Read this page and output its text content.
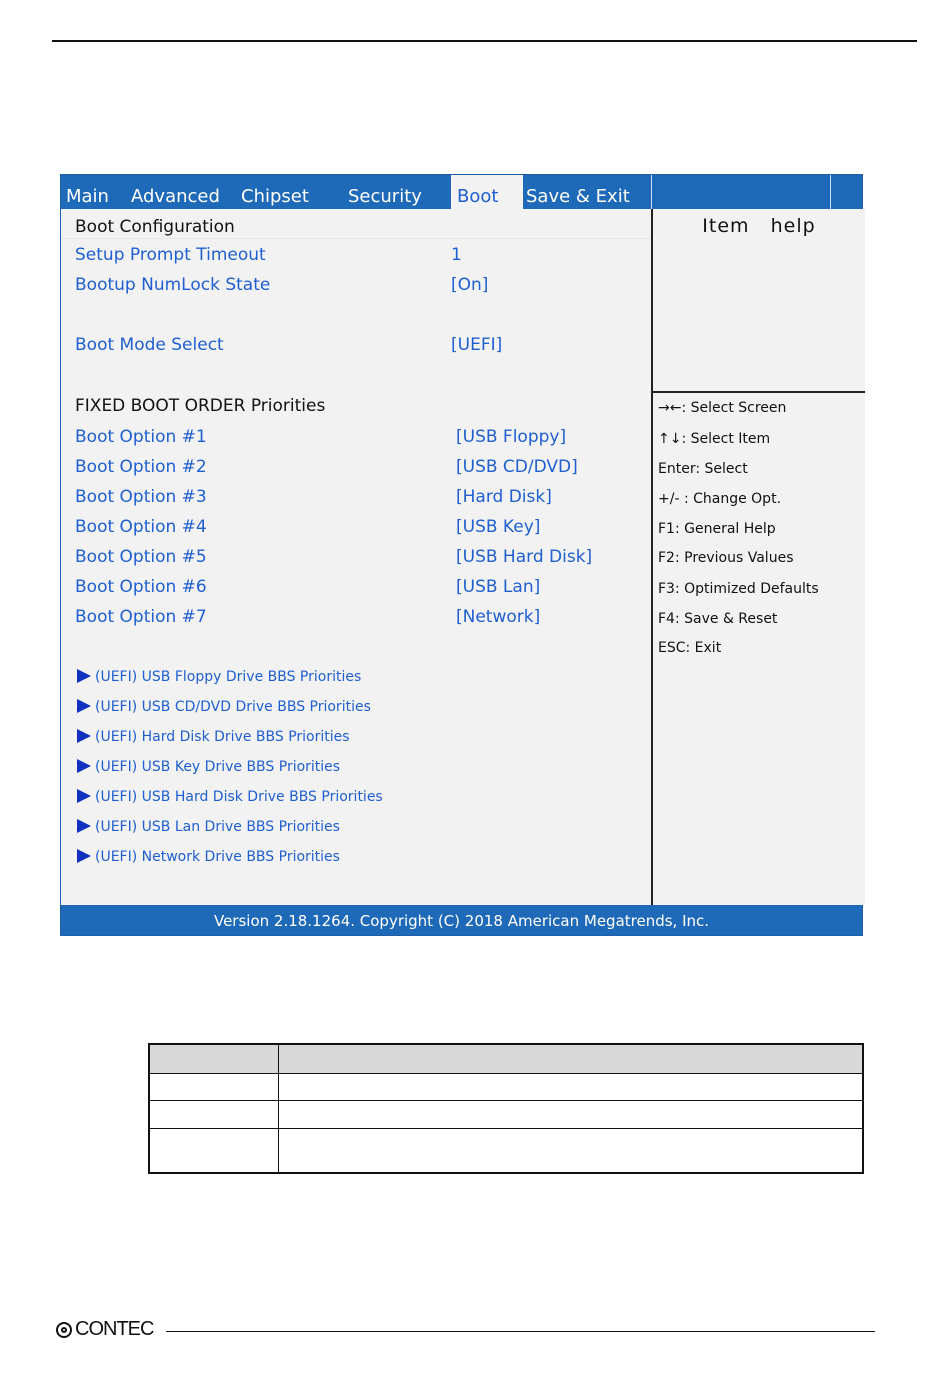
Main	Advanced	Chipset	Security	Boot	Save & Exit
Boot Configuration
Setup Prompt Timeout	1
Bootup NumLock State	[On]
Boot Mode Select	[UEFI]
FIXED BOOT ORDER Priorities
Boot Option #1	[USB Floppy]
Boot Option #2	[USB CD/DVD]
Boot Option #3	[Hard Disk]
Boot Option #4	[USB Key]
Boot Option #5	[USB Hard Disk]
Boot Option #6	[USB Lan]
Boot Option #7	[Network]
(UEFI) USB Floppy Drive BBS Priorities
(UEFI) USB CD/DVD Drive BBS Priorities
(UEFI) Hard Disk Drive BBS Priorities
(UEFI) USB Key Drive BBS Priorities
(UEFI) USB Hard Disk Drive BBS Priorities
(UEFI) USB Lan Drive BBS Priorities
(UEFI) Network Drive BBS Priorities
Item   help
→←: Select Screen
↑↓: Select Item
Enter: Select
+/- : Change Opt.
F1: General Help
F2: Previous Values
F3: Optimized Defaults
F4: Save & Reset
ESC: Exit
Version 2.18.1264. Copyright (C) 2018 American Megatrends, Inc.
CONTEC
